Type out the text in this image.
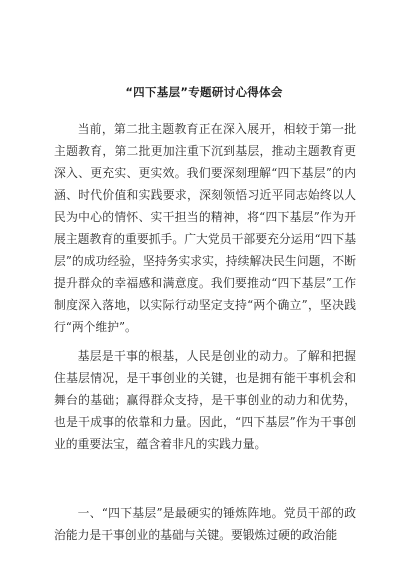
“四下基层”专题研讨心得体会

当前，第二批主题教育正在深入展开，相较于第一批主题教育，第二批更加注重下沉到基层，推动主题教育更深入、更充实、更实效。我们要深刻理解“四下基层”的内涵、时代价值和实践要求，深刻领悟习近平同志始终以人民为中心的情怀、实干担当的精神，将“四下基层”作为开展主题教育的重要抓手。广大党员干部要充分运用“四下基层”的成功经验，坚持务实求实，持续解决民生问题，不断提升群众的幸福感和满意度。我们要推动“四下基层”工作制度深入落地，以实际行动坚定支持“两个确立”，坚决践行“两个维护”。

基层是干事的根基，人民是创业的动力。了解和把握住基层情况，是干事创业的关键，也是拥有能干事机会和舞台的基础；赢得群众支持，是干事创业的动力和优势，也是干成事的依靠和力量。因此，“四下基层”作为干事创业的重要法宝，蕴含着非凡的实践力量。

一、“四下基层”是最硬实的锤炼阵地。党员干部的政治能力是干事创业的基础与关键。要锻炼过硬的政治能
